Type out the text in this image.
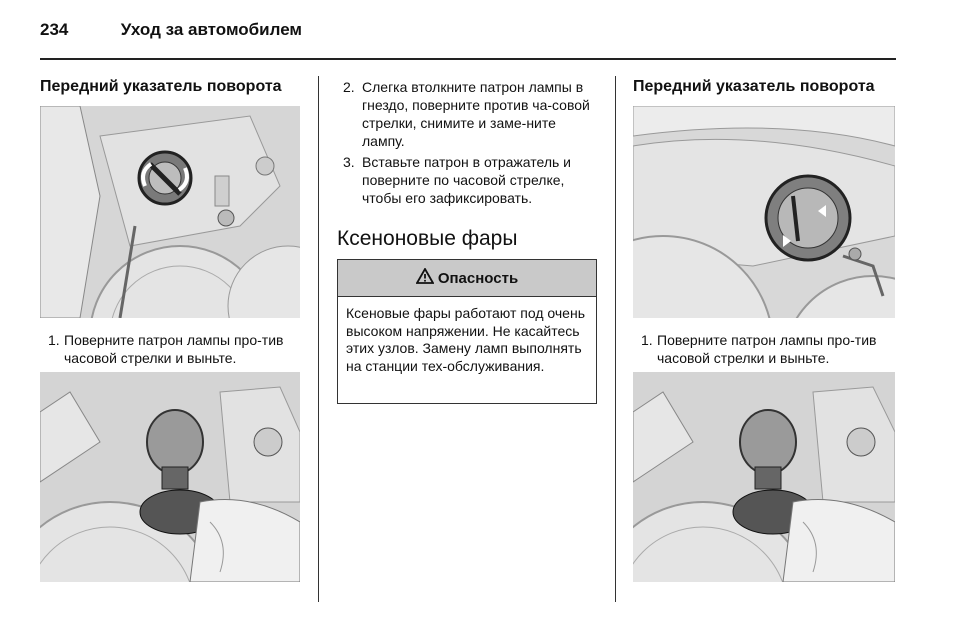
234	Уход за автомобилем
Передний указатель поворота
1. Поверните патрон лампы про-тив часовой стрелки и выньте.
2. Слегка втолкните патрон лампы в гнездо, поверните против ча-совой стрелки, снимите и заме-ните лампу.
3. Вставьте патрон в отражатель и поверните по часовой стрелке, чтобы его зафиксировать.
Ксеноновые фары
Опасность
Ксеновые фары работают под очень высоком напряжении. Не касайтесь этих узлов. Замену ламп выполнять на станции тех-обслуживания.
Передний указатель поворота
1. Поверните патрон лампы про-тив часовой стрелки и выньте.
